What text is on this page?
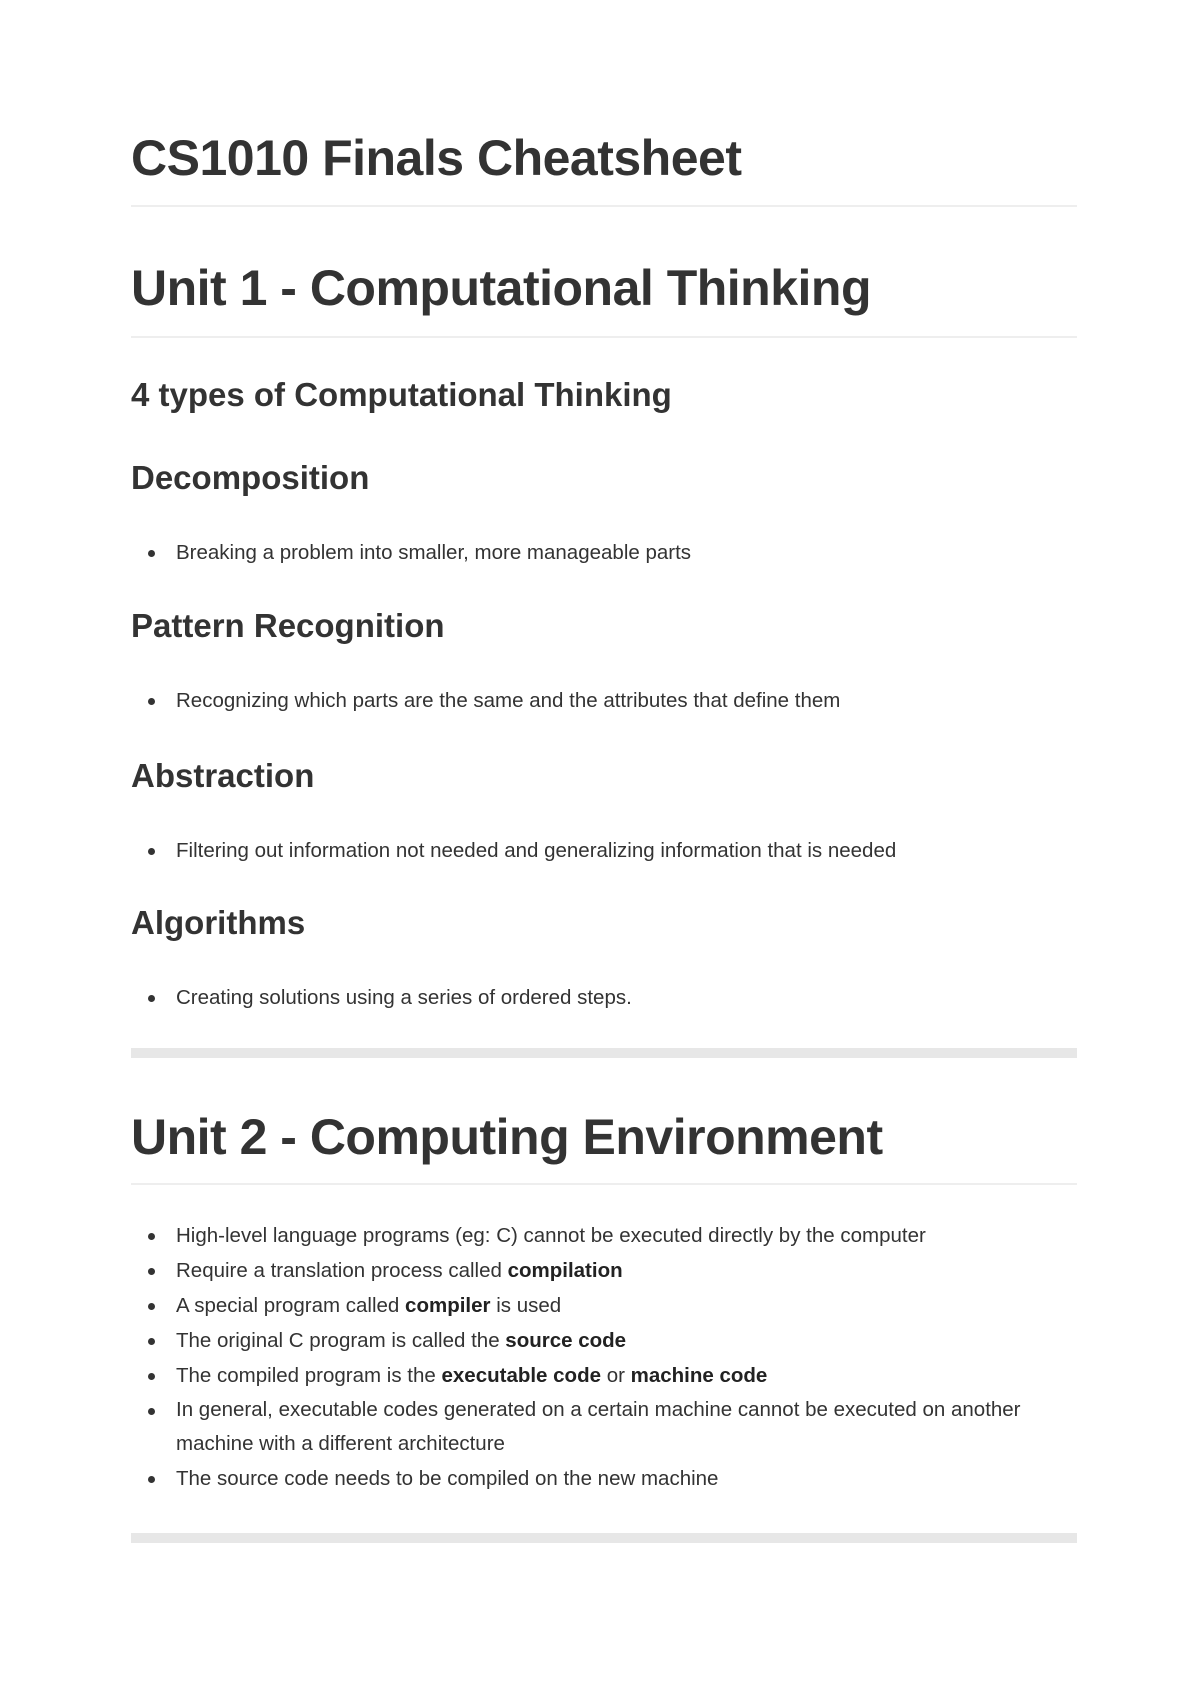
CS1010 Finals Cheatsheet
Unit 1 - Computational Thinking
4 types of Computational Thinking
Decomposition
Breaking a problem into smaller, more manageable parts
Pattern Recognition
Recognizing which parts are the same and the attributes that define them
Abstraction
Filtering out information not needed and generalizing information that is needed
Algorithms
Creating solutions using a series of ordered steps.
Unit 2 - Computing Environment
High-level language programs (eg: C) cannot be executed directly by the computer
Require a translation process called compilation
A special program called compiler is used
The original C program is called the source code
The compiled program is the executable code or machine code
In general, executable codes generated on a certain machine cannot be executed on another machine with a different architecture
The source code needs to be compiled on the new machine
